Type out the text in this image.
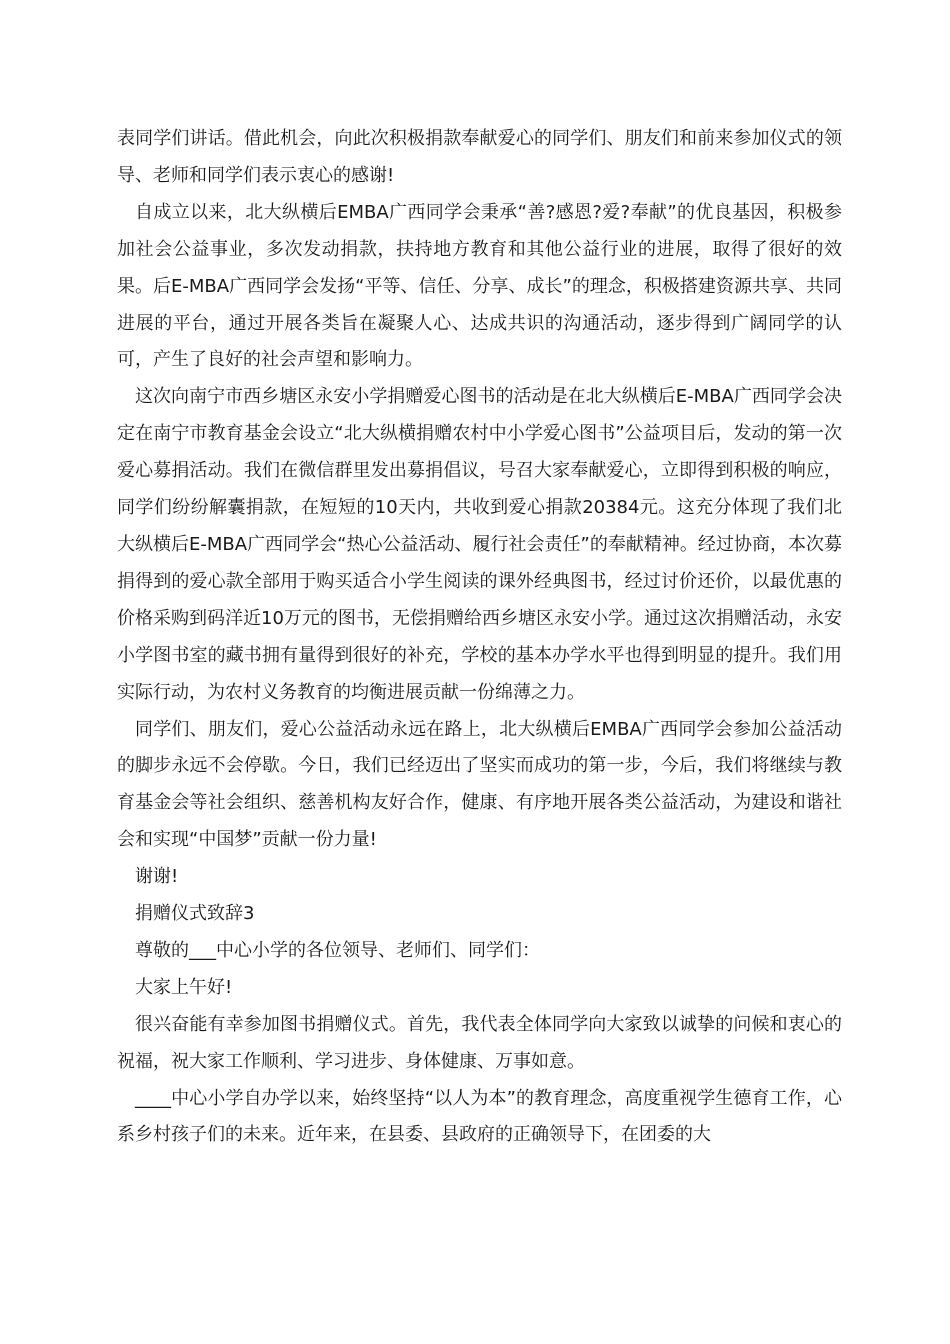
表同学们讲话。借此机会，向此次积极捐款奉献爱心的同学们、朋友们和前来参加仪式的领导、老师和同学们表示衷心的感谢!

自成立以来，北大纵横后EMBA广西同学会秉承“善?感恩?爱?奉献”的优良基因，积极参加社会公益事业，多次发动捐款，扶持地方教育和其他公益行业的进展，取得了很好的效果。后E-MBA广西同学会发扬“平等、信任、分享、成长”的理念，积极搭建资源共享、共同进展的平台，通过开展各类旨在凝聚人心、达成共识的沟通活动，逐步得到广阔同学的认可，产生了良好的社会声望和影响力。

这次向南宁市西乡塘区永安小学捐赠爱心图书的活动是在北大纵横后E-MBA广西同学会决定在南宁市教育基金会设立“北大纵横捐赠农村中小学爱心图书”公益项目后，发动的第一次爱心募捐活动。我们在微信群里发出募捐倡议，号召大家奉献爱心，立即得到积极的响应，同学们纷纷解囊捐款，在短短的10天内，共收到爱心捐款20384元。这充分体现了我们北大纵横后E-MBA广西同学会“热心公益活动、履行社会责任”的奉献精神。经过协商，本次募捐得到的爱心款全部用于购买适合小学生阅读的课外经典图书，经过讨价还价，以最优惠的价格采购到码洋近10万元的图书，无偿捐赠给西乡塘区永安小学。通过这次捐赠活动，永安小学图书室的藏书拥有量得到很好的补充，学校的基本办学水平也得到明显的提升。我们用实际行动，为农村义务教育的均衡进展贡献一份绵薄之力。

同学们、朋友们，爱心公益活动永远在路上，北大纵横后EMBA广西同学会参加公益活动的脚步永远不会停歇。今日，我们已经迈出了坚实而成功的第一步，今后，我们将继续与教育基金会等社会组织、慈善机构友好合作，健康、有序地开展各类公益活动，为建设和谐社会和实现“中国梦”贡献一份力量!

谢谢!

捐赠仪式致辞3

尊敬的___中心小学的各位领导、老师们、同学们：

大家上午好!

很兴奋能有幸参加图书捐赠仪式。首先，我代表全体同学向大家致以诚挚的问候和衷心的祝福，祝大家工作顺利、学习进步、身体健康、万事如意。

____中心小学自办学以来，始终坚持“以人为本”的教育理念，高度重视学生德育工作，心系乡村孩子们的未来。近年来，在县委、县政府的正确领导下，在团委的大
